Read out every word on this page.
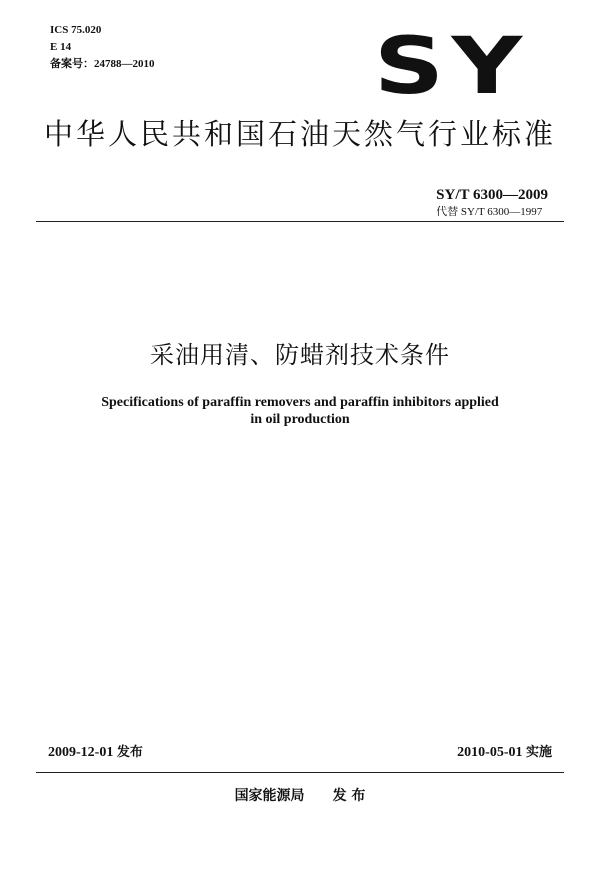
ICS 75.020
E 14
备案号：24788—2010	SY
中华人民共和国石油天然气行业标准
SY/T 6300—2009
代替 SY/T 6300—1997
采油用清、防蜡剂技术条件
Specifications of paraffin removers and paraffin inhibitors applied
in oil production
2009-12-01 发布	2010-05-01 实施
国家能源局 发 布
